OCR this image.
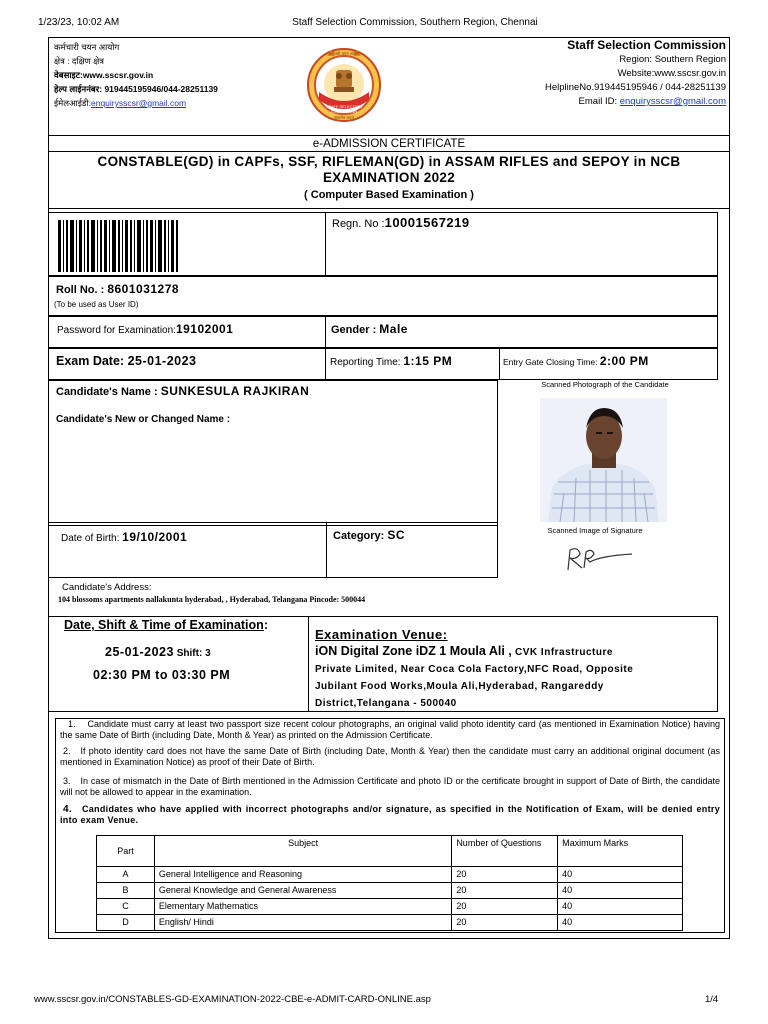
1/23/23, 10:02 AM	Staff Selection Commission, Southern Region, Chennai
www.sscsr.gov.in/CONSTABLES-GD-EXAMINATION-2022-CBE-e-ADMIT-CARD-ONLINE.asp	1/4
कर्मचारी चयन आयोग
क्षेत्र : दक्षिण क्षेत्र
वेबसाइट:www.sscsr.gov.in
हेल्प लाईननंबर: 919445195946/044-28251139
ईमेलआईडी:enquirysscsr@gmail.com	STAFF SELECTION COMMISSION
कर्मचारी चयन आयोग
सत्यमेव जयते
Staff Selection Commission
Region: Southern Region
Website:www.sscsr.gov.in
HelplineNo.919445195946 / 044-28251139
Email ID: enquirysscsr@gmail.com
e-ADMISSION CERTIFICATE
CONSTABLE(GD) in CAPFs, SSF, RIFLEMAN(GD) in ASSAM RIFLES and SEPOY in NCB EXAMINATION 2022
( Computer Based Examination )
Regn. No :10001567219
Roll No. : 8601031278
(To be used as User ID)
Password for Examination:19102001	Gender : Male
Exam Date: 25-01-2023	Reporting Time: 1:15 PM	Entry Gate Closing Time: 2:00 PM
Candidate's Name : SUNKESULA RAJKIRAN
Candidate's New or Changed Name :
Scanned Photograph of the Candidate
Date of Birth: 19/10/2001	Category: SC	Scanned Image of Signature
Candidate's Address:
104 blossoms apartments nallakunta hyderabad, , Hyderabad, Telangana Pincode: 500044
Date, Shift & Time of Examination:
25-01-2023 Shift: 3
02:30 PM to 03:30 PM
Examination Venue:
iON Digital Zone iDZ 1 Moula Ali , CVK Infrastructure
Private Limited, Near Coca Cola Factory,NFC Road, Opposite
Jubilant Food Works,Moula Ali,Hyderabad, Rangareddy
District,Telangana - 500040
1. Candidate must carry at least two passport size recent colour photographs, an original valid photo identity card (as mentioned in Examination Notice) having the same Date of Birth (including Date, Month & Year) as printed on the Admission Certificate.
2. If photo identity card does not have the same Date of Birth (including Date, Month & Year) then the candidate must carry an additional original document (as mentioned in Examination Notice) as proof of their Date of Birth.
3. In case of mismatch in the Date of Birth mentioned in the Admission Certificate and photo ID or the certificate brought in support of Date of Birth, the candidate will not be allowed to appear in the examination.
4. Candidates who have applied with incorrect photographs and/or signature, as specified in the Notification of Exam, will be denied entry into exam Venue.
Part	Subject	Number of Questions	Maximum Marks
A	General Intelligence and Reasoning	20	40
B	General Knowledge and General Awareness	20	40
C	Elementary Mathematics	20	40
D	English/ Hindi	20	40
